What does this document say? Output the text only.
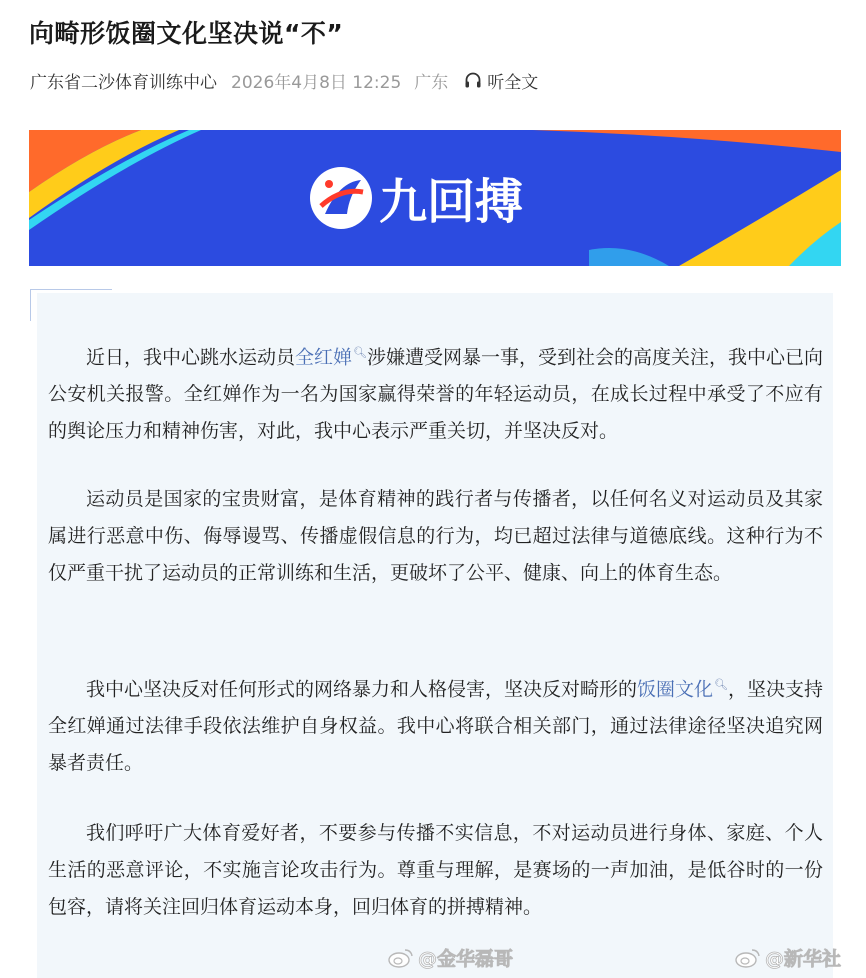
向畸形饭圈文化坚决说“不”
广东省二沙体育训练中心 2026年4月8日 12:25 广东 听全文
九回搏

近日，我中心跳水运动员全红婵🔍︎涉嫌遭受网暴一事，受到社会的高度关注，我中心已向公安机关报警。全红婵作为一名为国家赢得荣誉的年轻运动员，在成长过程中承受了不应有的舆论压力和精神伤害，对此，我中心表示严重关切，并坚决反对。

运动员是国家的宝贵财富，是体育精神的践行者与传播者，以任何名义对运动员及其家属进行恶意中伤、侮辱谩骂、传播虚假信息的行为，均已超过法律与道德底线。这种行为不仅严重干扰了运动员的正常训练和生活，更破坏了公平、健康、向上的体育生态。

我中心坚决反对任何形式的网络暴力和人格侵害，坚决反对畸形的饭圈文化🔍︎，坚决支持全红婵通过法律手段依法维护自身权益。我中心将联合相关部门，通过法律途径坚决追究网暴者责任。

我们呼吁广大体育爱好者，不要参与传播不实信息，不对运动员进行身体、家庭、个人生活的恶意评论，不实施言论攻击行为。尊重与理解，是赛场的一声加油，是低谷时的一份包容，请将关注回归体育运动本身，回归体育的拼搏精神。

@金华磊哥	@新华社
